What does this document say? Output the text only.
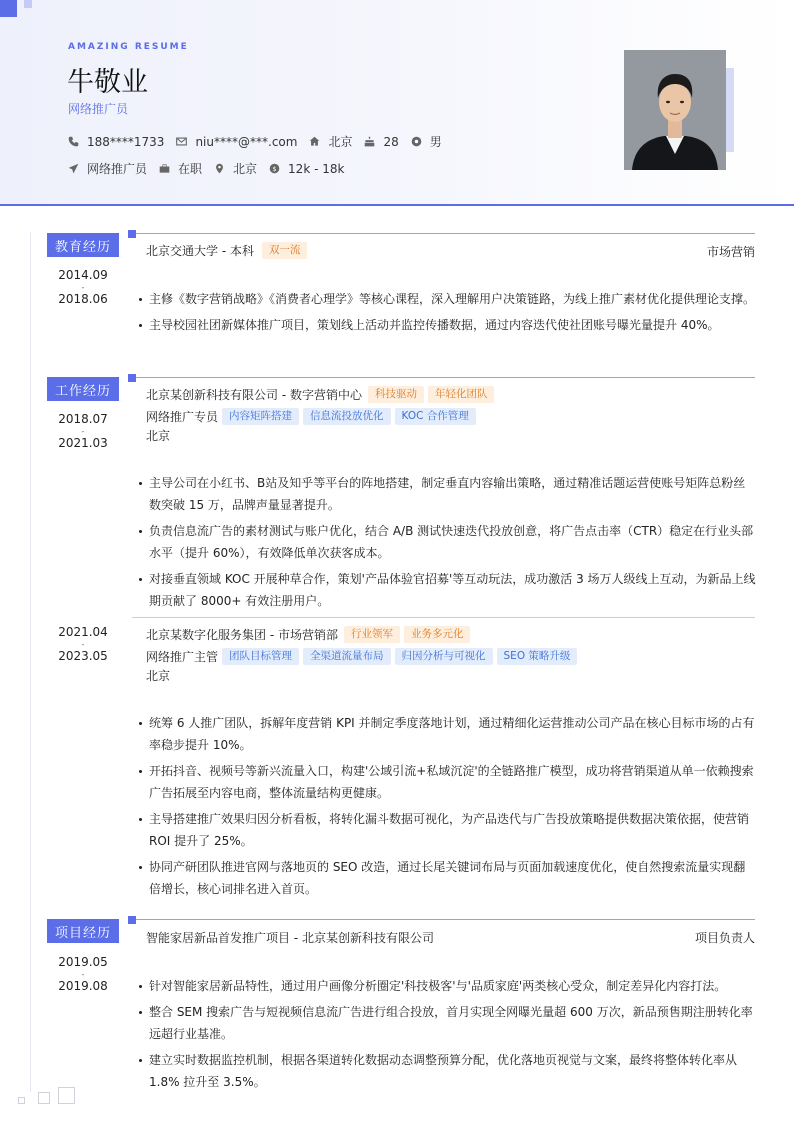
AMAZING RESUME
牛敬业
网络推广员
188****1733	niu****@***.com	北京	28	男
网络推广员	在职	北京 $ 12k - 18k
教育经历
2014.09
-
2018.06
北京交通大学 - 本科	双一流	市场营销
主修《数字营销战略》《消费者心理学》等核心课程，深入理解用户决策链路，为线上推广素材优化提供理论支撑。
主导校园社团新媒体推广项目，策划线上活动并监控传播数据，通过内容迭代使社团账号曝光量提升 40%。
工作经历
2018.07
-
2021.03
北京某创新科技有限公司 - 数字营销中心	科技驱动	年轻化团队
网络推广专员	内容矩阵搭建	信息流投放优化	KOC 合作管理
北京
主导公司在小红书、B站及知乎等平台的阵地搭建，制定垂直内容输出策略，通过精准话题运营使账号矩阵总粉丝数突破 15 万，品牌声量显著提升。
负责信息流广告的素材测试与账户优化，结合 A/B 测试快速迭代投放创意，将广告点击率（CTR）稳定在行业头部水平（提升 60%），有效降低单次获客成本。
对接垂直领域 KOC 开展种草合作，策划'产品体验官招募'等互动玩法，成功激活 3 场万人级线上互动，为新品上线期贡献了 8000+ 有效注册用户。
2021.04
-
2023.05
北京某数字化服务集团 - 市场营销部	行业领军	业务多元化
网络推广主管	团队目标管理	全渠道流量布局	归因分析与可视化	SEO 策略升级
北京
统筹 6 人推广团队，拆解年度营销 KPI 并制定季度落地计划，通过精细化运营推动公司产品在核心目标市场的占有率稳步提升 10%。
开拓抖音、视频号等新兴流量入口，构建'公域引流+私域沉淀'的全链路推广模型，成功将营销渠道从单一依赖搜索广告拓展至内容电商，整体流量结构更健康。
主导搭建推广效果归因分析看板，将转化漏斗数据可视化，为产品迭代与广告投放策略提供数据决策依据，使营销 ROI 提升了 25%。
协同产研团队推进官网与落地页的 SEO 改造，通过长尾关键词布局与页面加载速度优化，使自然搜索流量实现翻倍增长，核心词排名进入首页。
项目经历
2019.05
-
2019.08
智能家居新品首发推广项目 - 北京某创新科技有限公司	项目负责人
针对智能家居新品特性，通过用户画像分析圈定'科技极客'与'品质家庭'两类核心受众，制定差异化内容打法。
整合 SEM 搜索广告与短视频信息流广告进行组合投放，首月实现全网曝光量超 600 万次，新品预售期注册转化率远超行业基准。
建立实时数据监控机制，根据各渠道转化数据动态调整预算分配，优化落地页视觉与文案，最终将整体转化率从 1.8% 拉升至 3.5%。
